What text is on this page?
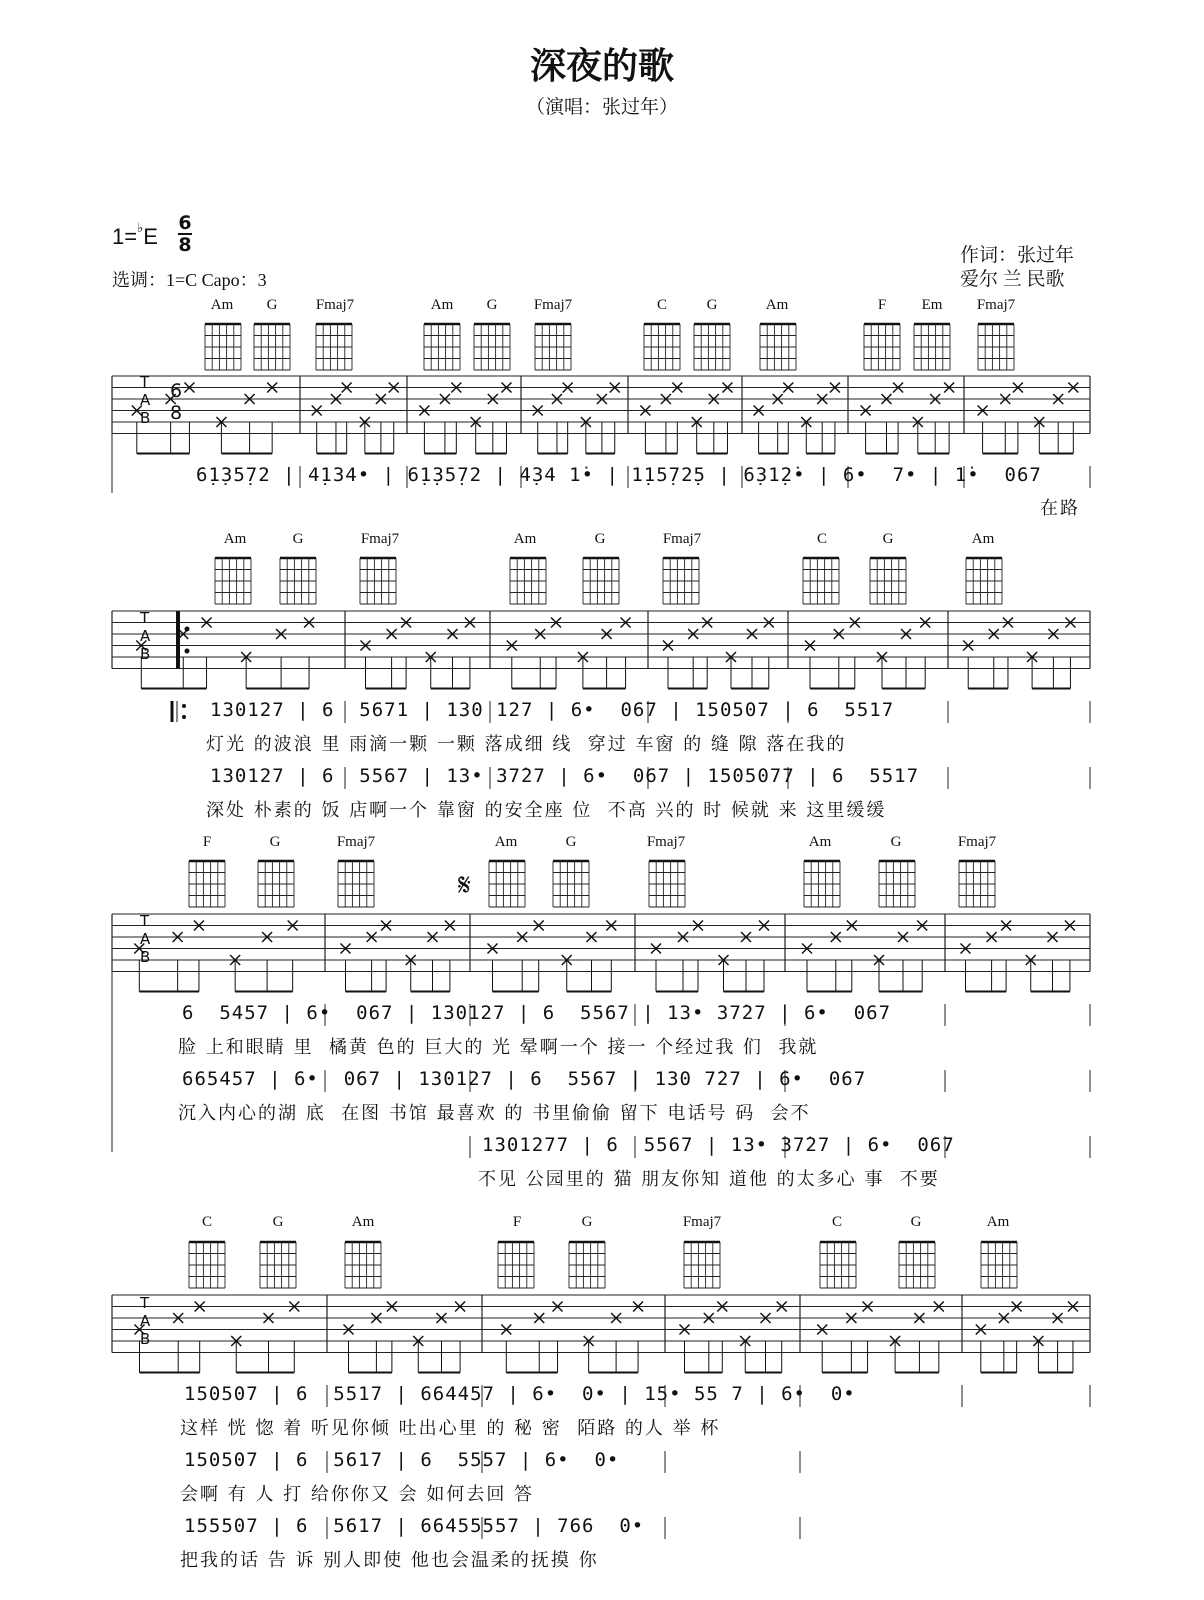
深夜的歌
（演唱：张过年）
1=♭E
6
8
选调：1=C Capo：3
作词：张过年
爱尔 兰 民歌
Am	G	Fmaj7	Am	G	Fmaj7	C	G	Am	F	Em	Fmaj7
T
A
B
6
8
6̣1̣35̣72 | 4̣134• | 6̣1̣35̣72 | 4̣34 1̇• | 1̣15̣72̣5 | 6̣31̣2̇• | 6•  7• | 1̇•  067
在路
Am	G	Fmaj7	Am	G	Fmaj7	C	G	Am
T
A
B
130127 | 6  5671 | 130 127 | 6•  067 | 150507 | 6  5517
灯光 的波浪 里 雨滴一颗 一颗 落成细 线  穿过 车窗 的 缝 隙 落在我的
130127 | 6  5567 | 13• 37̇27 | 6•  067 | 1505077 | 6  5517
深处 朴素的 饭 店啊一个 靠窗 的安全座 位  不高 兴的 时 候就 来 这里缓缓
F	G	Fmaj7	Am	G	Fmaj7	Am	G	Fmaj7
𝄋
T
A
B
6  5457 | 6•  067 | 130127 | 6  5567 | 13• 37̇27 | 6•  067
脸 上和眼睛 里  橘黄 色的 巨大的 光 晕啊一个 接一 个经过我 们  我就
665457 | 6•  067 | 130127 | 6  5567 | 130 7̇27 | 6•  067
沉入内心的湖 底  在图 书馆 最喜欢 的 书里偷偷 留下 电话号 码  会不
1301277 | 6  5567 | 13• 37̇27 | 6•  067
不见 公园里的 猫 朋友你知 道他 的太多心 事  不要
C	G	Am	F	G	Fmaj7	C	G	Am
T
A
B
150507 | 6  5517 | 664457 | 6•  0• | 15• 55 7 | 6•  0•
这样 恍 惚 着 听见你倾 吐出心里 的 秘 密  陌路 的人 举 杯
150507 | 6  5617 | 6  5557 | 6•  0•
会啊 有 人 打 给你你又 会 如何去回 答
155507 | 6  5617 | 66455557 | 766  0•
把我的话 告 诉 别人即使 他也会温柔的抚摸 你
